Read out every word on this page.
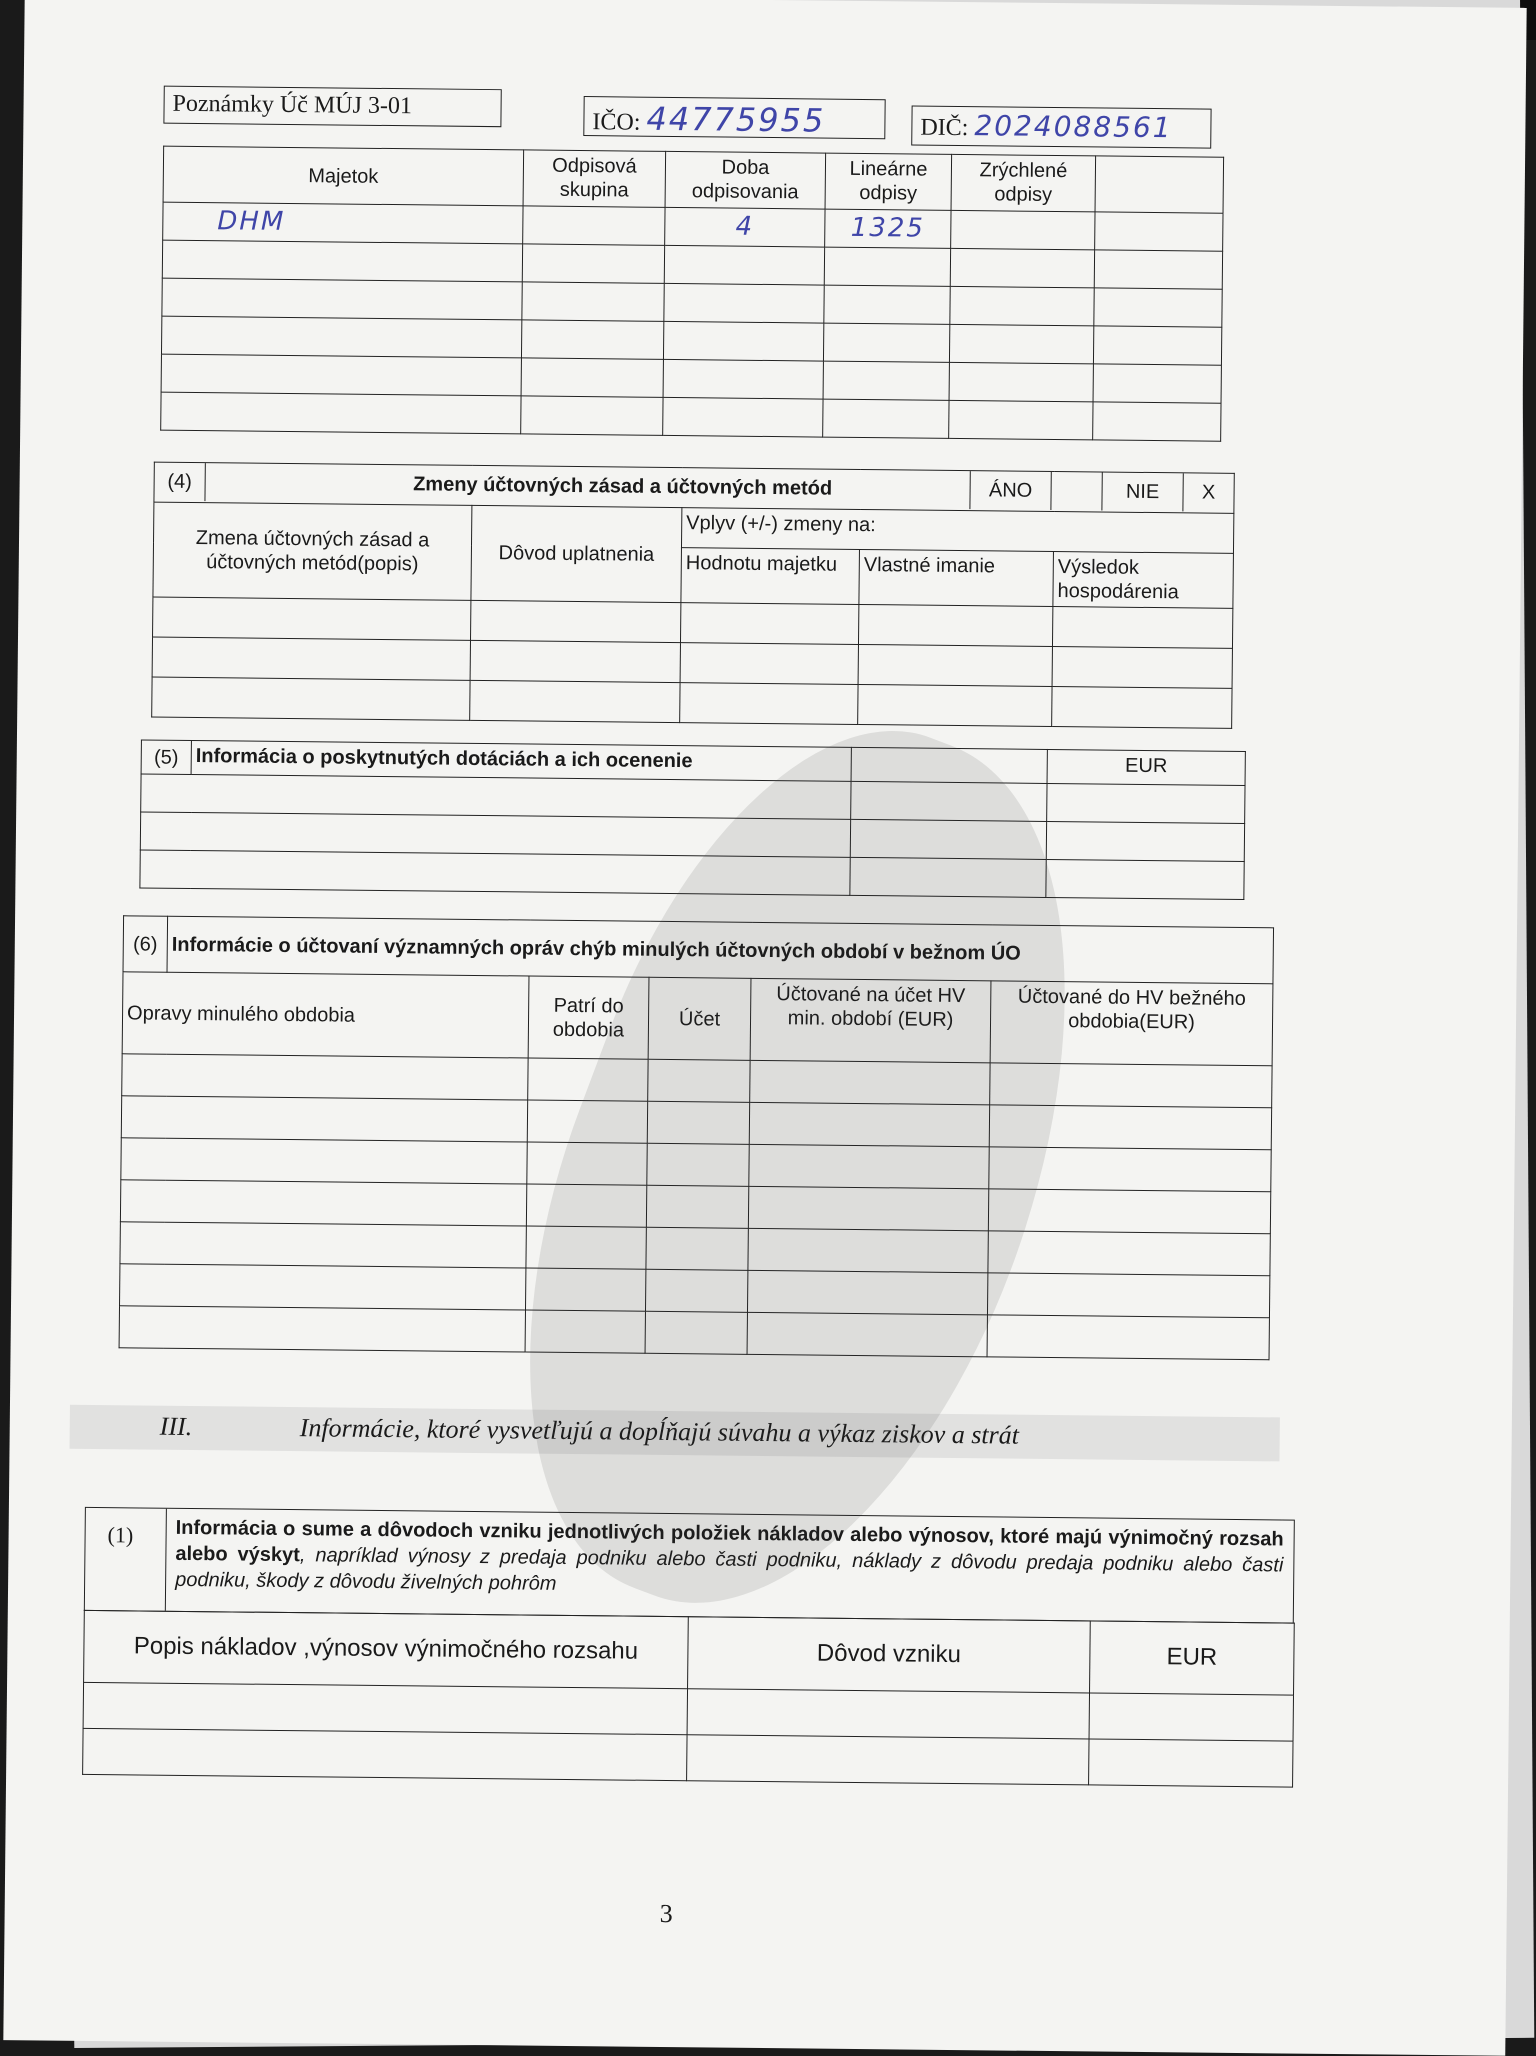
Poznámky Úč MÚJ 3-01
IČO: 44775955	DIČ: 2024088561
Majetok	Odpisová skupina	Doba odpisovania	Lineárne odpisy	Zrýchlené odpisy	
DHM		4	1325		

(4) Zmeny účtovných zásad a účtovných metód ÁNO NIE X				

Zmena účtovných zásad a účtovných metód(popis)	Dôvod uplatnenia	Vplyv (+/-) zmeny na:		
		Hodnotu majetku	Vlastné imanie	Výsledok hospodárenia

(5)	Informácia o poskytnutých dotáciách a ich ocenenie		EUR

(6)	Informácie o účtovaní významných opráv chýb minulých účtovných období v bežnom ÚO				
Opravy minulého obdobia		Patrí do obdobia	Účet	Účtované na účet HV min. období (EUR)	Účtované do HV bežného obdobia(EUR)

III.	Informácie, ktoré vysvetľujú a dopĺňajú súvahu a výkaz ziskov a strát
(1) Informácia o sume a dôvodoch vzniku jednotlivých položiek nákladov alebo výnosov, ktoré majú výnimočný rozsah alebo výskyt, napríklad výnosy z predaja podniku alebo časti podniku, náklady z dôvodu predaja podniku alebo časti podniku, škody z dôvodu živelných pohrôm
Popis nákladov ,výnosov výnimočného rozsahu	Dôvod vzniku	EUR

3
